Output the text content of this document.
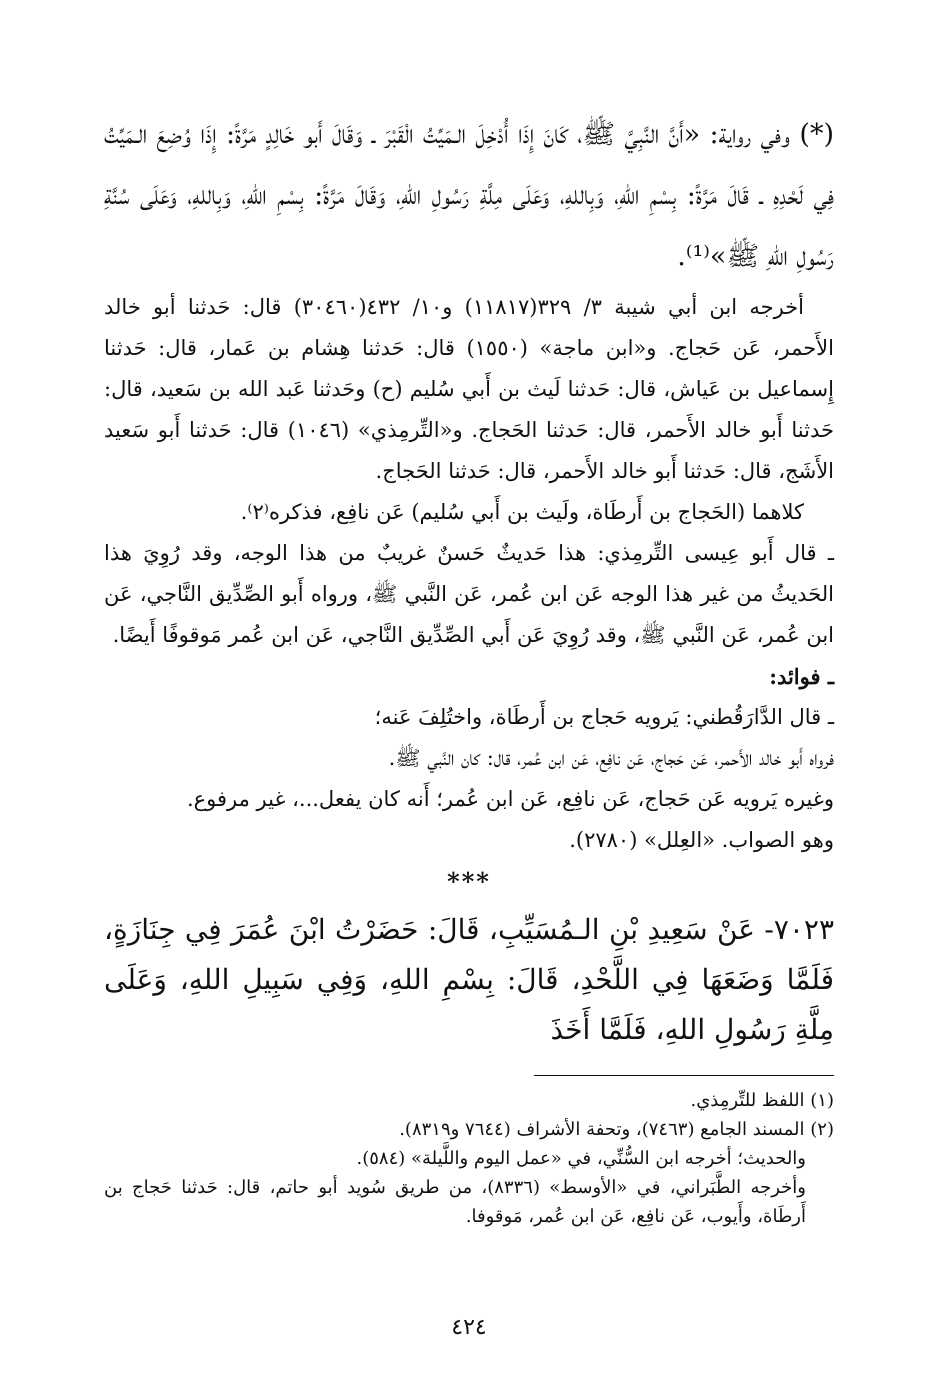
(*) وفي رواية: «أَنَّ النَّبِيَّ ﷺ، كَانَ إِذَا أُدْخِلَ الـمَيِّتُ الْقَبْرَ ـ وَقَالَ أَبو خَالِدٍ مَرَّةً: إِذَا وُضِعَ الـمَيِّتُ فِي لَحْدِهِ ـ قَالَ مَرَّةً: بِسْمِ اللهِ، وَبِاللهِ، وَعَلَى مِلَّةِ رَسُولِ اللهِ، وَقَالَ مَرَّةً: بِسْمِ اللهِ، وَبِاللهِ، وَعَلَى سُنَّةِ رَسُولِ اللهِ ﷺ»⁽¹⁾.

أخرجه ابن أبي شيبة ٣/ ٣٢٩(١١٨١٧) و١٠/ ٤٣٢(٣٠٤٦٠) قال: حَدثنا أبو خالد الأَحمر، عَن حَجاج. و«ابن ماجة» (١٥٥٠) قال: حَدثنا هِشام بن عَمار، قال: حَدثنا إِسماعيل بن عَياش، قال: حَدثنا لَيث بن أَبي سُليم (ح) وحَدثنا عَبد الله بن سَعيد، قال: حَدثنا أَبو خالد الأَحمر، قال: حَدثنا الحَجاج. و«التِّرمِذي» (١٠٤٦) قال: حَدثنا أَبو سَعيد الأَشَج، قال: حَدثنا أَبو خالد الأَحمر، قال: حَدثنا الحَجاج.

كلاهما (الحَجاج بن أَرطَاة، ولَيث بن أَبي سُليم) عَن نافِع، فذكره⁽٢⁾.

ـ قال أَبو عِيسى التِّرمِذي: هذا حَديثٌ حَسنٌ غريبٌ من هذا الوجه، وقد رُوِيَ هذا الحَديثُ من غير هذا الوجه عَن ابن عُمر، عَن النَّبي ﷺ، ورواه أَبو الصِّدِّيق النَّاجي، عَن ابن عُمر، عَن النَّبي ﷺ، وقد رُوِيَ عَن أَبي الصِّدِّيق النَّاجي، عَن ابن عُمر مَوقوفًا أَيضًا.

ـ فوائد:

ـ قال الدَّارَقُطني: يَرويه حَجاج بن أَرطَاة، واختُلِفَ عَنه؛

فرواه أَبو خالد الأَحمر، عَن حَجاج، عَن نافِع، عَن ابن عُمر، قال: كان النَّبي ﷺ.

وغيره يَرويه عَن حَجاج، عَن نافِع، عَن ابن عُمر؛ أَنه كان يفعل...، غير مرفوع.

وهو الصواب. «العِلل» (٢٧٨٠).

***

٧٠٢٣- عَنْ سَعِيدِ بْنِ الـمُسَيِّبِ، قَالَ: حَضَرْتُ ابْنَ عُمَرَ فِي جِنَازَةٍ، فَلَمَّا وَضَعَهَا فِي اللَّحْدِ، قَالَ: بِسْمِ اللهِ، وَفِي سَبِيلِ اللهِ، وَعَلَى مِلَّةِ رَسُولِ اللهِ، فَلَمَّا أَخَذَ

(١) اللفظ للتِّرمِذي.

(٢) المسند الجامع (٧٤٦٣)، وتحفة الأشراف (٧٦٤٤ و٨٣١٩).

والحديث؛ أخرجه ابن السُّنِّي، في «عمل اليوم واللَّيلة» (٥٨٤).

وأخرجه الطَّبَراني، في «الأوسط» (٨٣٣٦)، من طريق سُويد أبو حاتم، قال: حَدثنا حَجاج بن أَرطَاة، وأَيوب، عَن نافِع، عَن ابن عُمر، مَوقوفا.

٤٢٤
